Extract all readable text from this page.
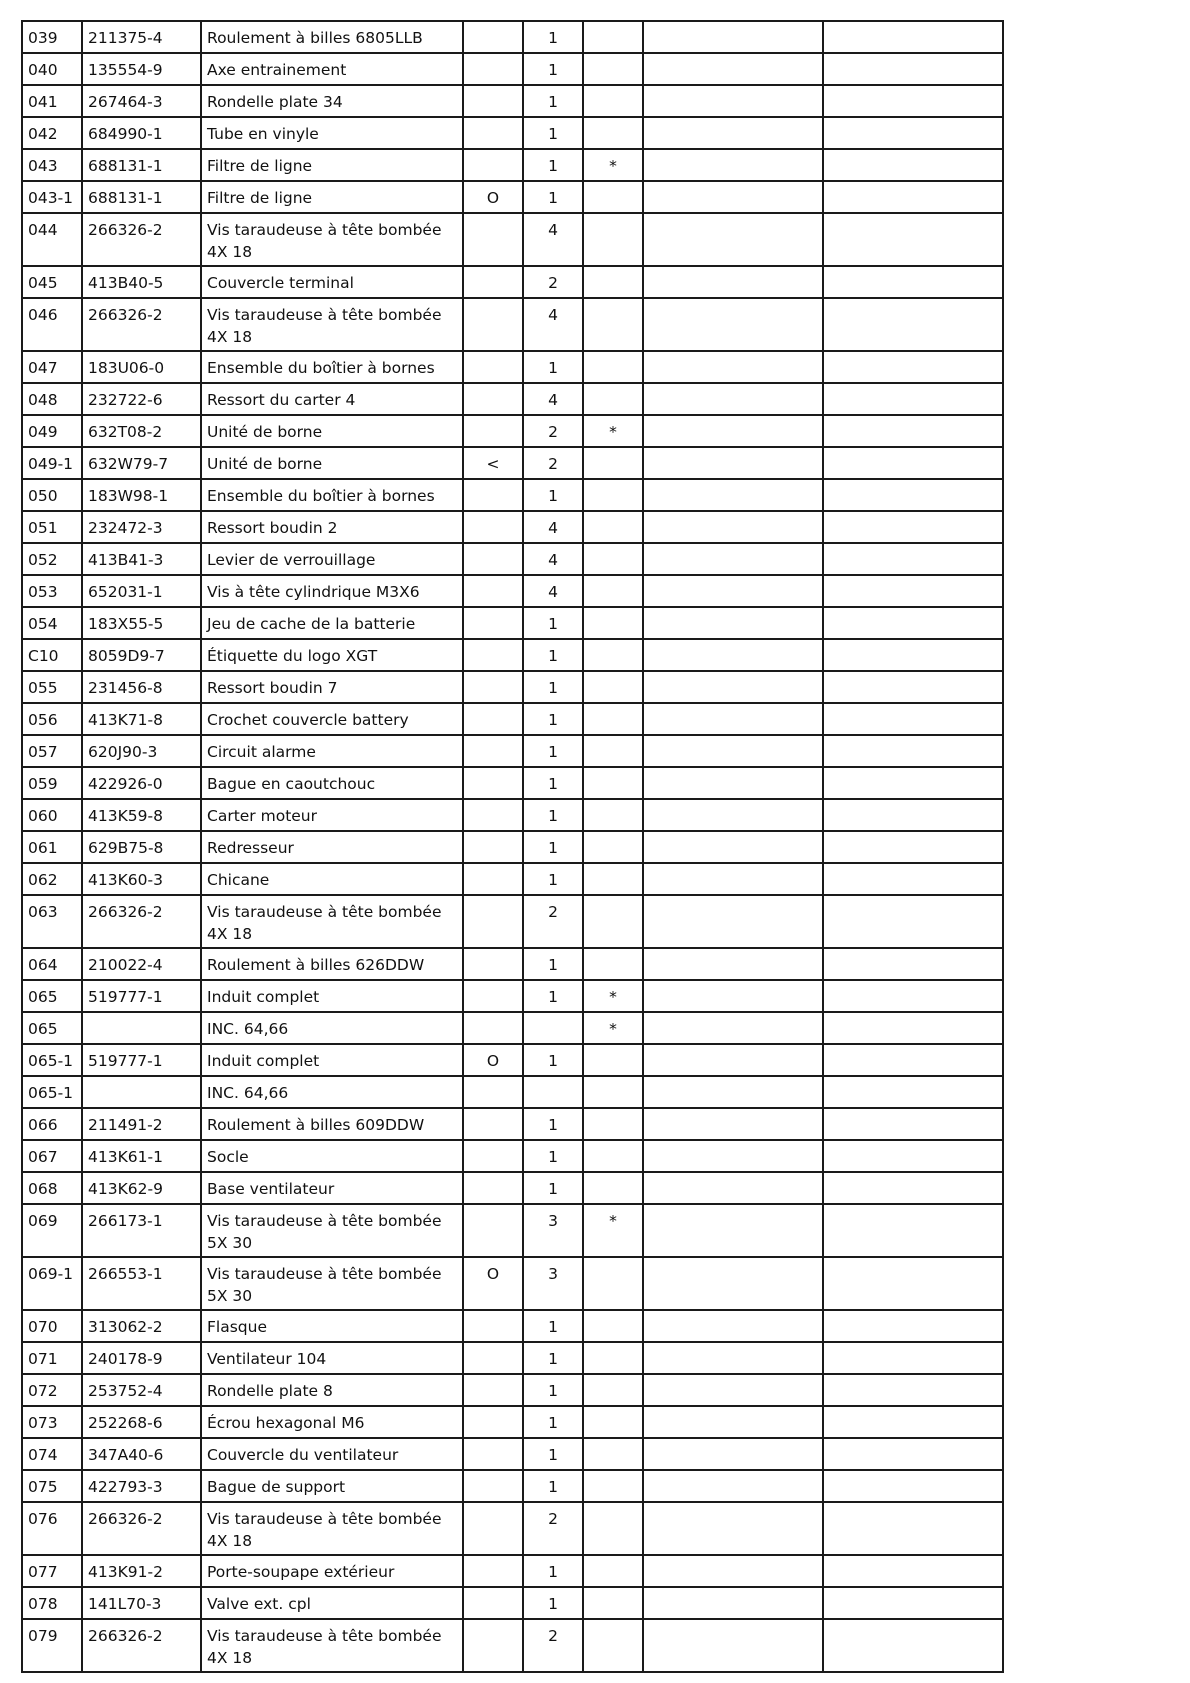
039	211375-4	Roulement à billes 6805LLB		1			
040	135554-9	Axe entrainement		1			
041	267464-3	Rondelle plate 34		1			
042	684990-1	Tube en vinyle		1			
043	688131-1	Filtre de ligne		1	*		
043-1	688131-1	Filtre de ligne	O	1			
044	266326-2	Vis taraudeuse à tête bombée 4X 18		4			
045	413B40-5	Couvercle terminal		2			
046	266326-2	Vis taraudeuse à tête bombée 4X 18		4			
047	183U06-0	Ensemble du boîtier à bornes		1			
048	232722-6	Ressort du carter 4		4			
049	632T08-2	Unité de borne		2	*		
049-1	632W79-7	Unité de borne	<	2			
050	183W98-1	Ensemble du boîtier à bornes		1			
051	232472-3	Ressort boudin 2		4			
052	413B41-3	Levier de verrouillage		4			
053	652031-1	Vis à tête cylindrique M3X6		4			
054	183X55-5	Jeu de cache de la batterie		1			
C10	8059D9-7	Étiquette du logo XGT		1			
055	231456-8	Ressort boudin 7		1			
056	413K71-8	Crochet couvercle battery		1			
057	620J90-3	Circuit alarme		1			
059	422926-0	Bague en caoutchouc		1			
060	413K59-8	Carter moteur		1			
061	629B75-8	Redresseur		1			
062	413K60-3	Chicane		1			
063	266326-2	Vis taraudeuse à tête bombée 4X 18		2			
064	210022-4	Roulement à billes 626DDW		1			
065	519777-1	Induit complet		1	*		
065		INC. 64,66			*		
065-1	519777-1	Induit complet	O	1			
065-1		INC. 64,66					
066	211491-2	Roulement à billes 609DDW		1			
067	413K61-1	Socle		1			
068	413K62-9	Base ventilateur		1			
069	266173-1	Vis taraudeuse à tête bombée 5X 30		3	*		
069-1	266553-1	Vis taraudeuse à tête bombée 5X 30	O	3			
070	313062-2	Flasque		1			
071	240178-9	Ventilateur 104		1			
072	253752-4	Rondelle plate 8		1			
073	252268-6	Écrou hexagonal M6		1			
074	347A40-6	Couvercle du ventilateur		1			
075	422793-3	Bague de support		1			
076	266326-2	Vis taraudeuse à tête bombée 4X 18		2			
077	413K91-2	Porte-soupape extérieur		1			
078	141L70-3	Valve ext. cpl		1			
079	266326-2	Vis taraudeuse à tête bombée 4X 18		2			
